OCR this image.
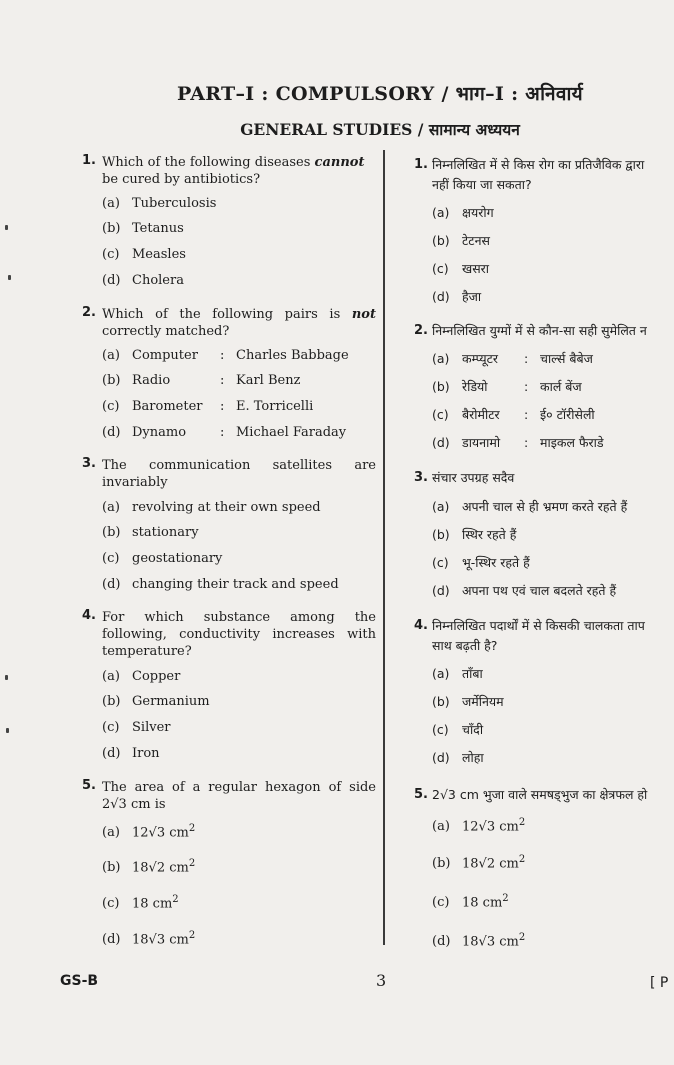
PART–I : COMPULSORY / भाग–I : अनिवार्य
GENERAL STUDIES / सामान्य अध्ययन
1. Which of the following diseases cannot
be cured by antibiotics?
(a) Tuberculosis
(b) Tetanus
(c) Measles
(d) Cholera
2. Which of the following pairs is not
correctly matched?
(a) Computer : Charles Babbage
(b) Radio	: Karl Benz
(c) Barometer : E. Torricelli
(d) Dynamo	: Michael Faraday
3. The communication satellites are
invariably
(a) revolving at their own speed
(b) stationary
(c) geostationary
(d) changing their track and speed
4. For which substance among the
following, conductivity increases with
temperature?
(a) Copper
(b) Germanium
(c) Silver
(d) Iron
5. The area of a regular hexagon of side
2√3 cm is
(a) 12√3 $cm^2$
(b) 18√2 $cm^2$
(c) 18 $cm^2$
(d) 18√3 $cm^2$
1. निम्नलिखित में से किस रोग का प्रतिजैविक द्वारा
नहीं किया जा सकता?
(a) क्षयरोग
(b) टेटनस
(c) खसरा
(d) हैजा
2. निम्नलिखित युग्मों में से कौन-सा सही सुमेलित न
(a) कम्प्यूटर : चार्ल्स बैबेज
(b) रेडियो	: कार्ल बेंज
(c) बैरोमीटर : ई० टॉरीसेली
(d) डायनामो : माइकल फैराडे
3. संचार उपग्रह सदैव
(a) अपनी चाल से ही भ्रमण करते रहते हैं
(b) स्थिर रहते हैं
(c) भू-स्थिर रहते हैं
(d) अपना पथ एवं चाल बदलते रहते हैं
4. निम्नलिखित पदार्थों में से किसकी चालकता ताप
साथ बढ़ती है?
(a) ताँबा
(b) जर्मेनियम
(c) चाँदी
(d) लोहा
5. 2√3 cm भुजा वाले समषड्भुज का क्षेत्रफल हो
(a) 12√3 $cm^2$
(b) 18√2 $cm^2$
(c) 18 $cm^2$
(d) 18√3 $cm^2$
GS-B	3	[ P
